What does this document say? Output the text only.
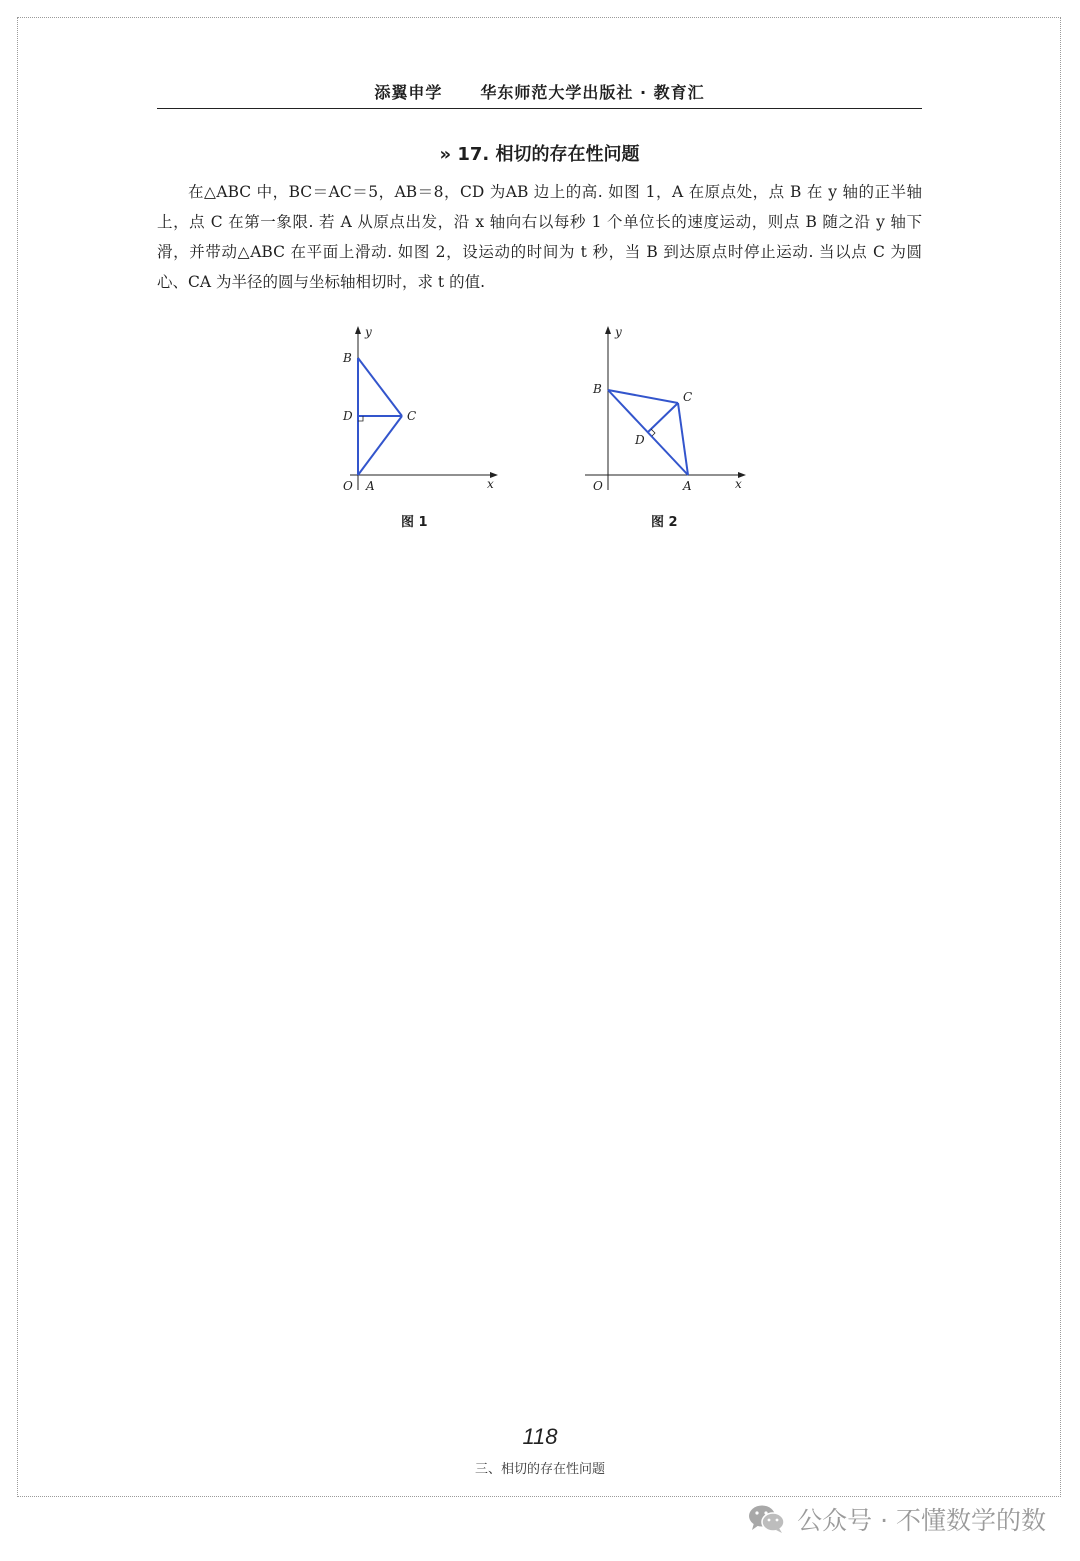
添翼申学 华东师范大学出版社 · 教育汇
» 17. 相切的存在性问题

在△ABC 中，BC＝AC＝5，AB＝8，CD 为AB 边上的高. 如图 1，A 在原点处，点 B 在 y 轴的正半轴上，点 C 在第一象限. 若 A 从原点出发，沿 x 轴向右以每秒 1 个单位长的速度运动，则点 B 随之沿 y 轴下滑，并带动△ABC 在平面上滑动. 如图 2，设运动的时间为 t 秒，当 B 到达原点时停止运动. 当以点 C 为圆心、CA 为半径的圆与坐标轴相切时，求 t 的值.

y
B
D	C
O A	x
图 1
y
B
C
D
O	A	x
图 2
118
三、相切的存在性问题
公众号 · 不懂数学的数
